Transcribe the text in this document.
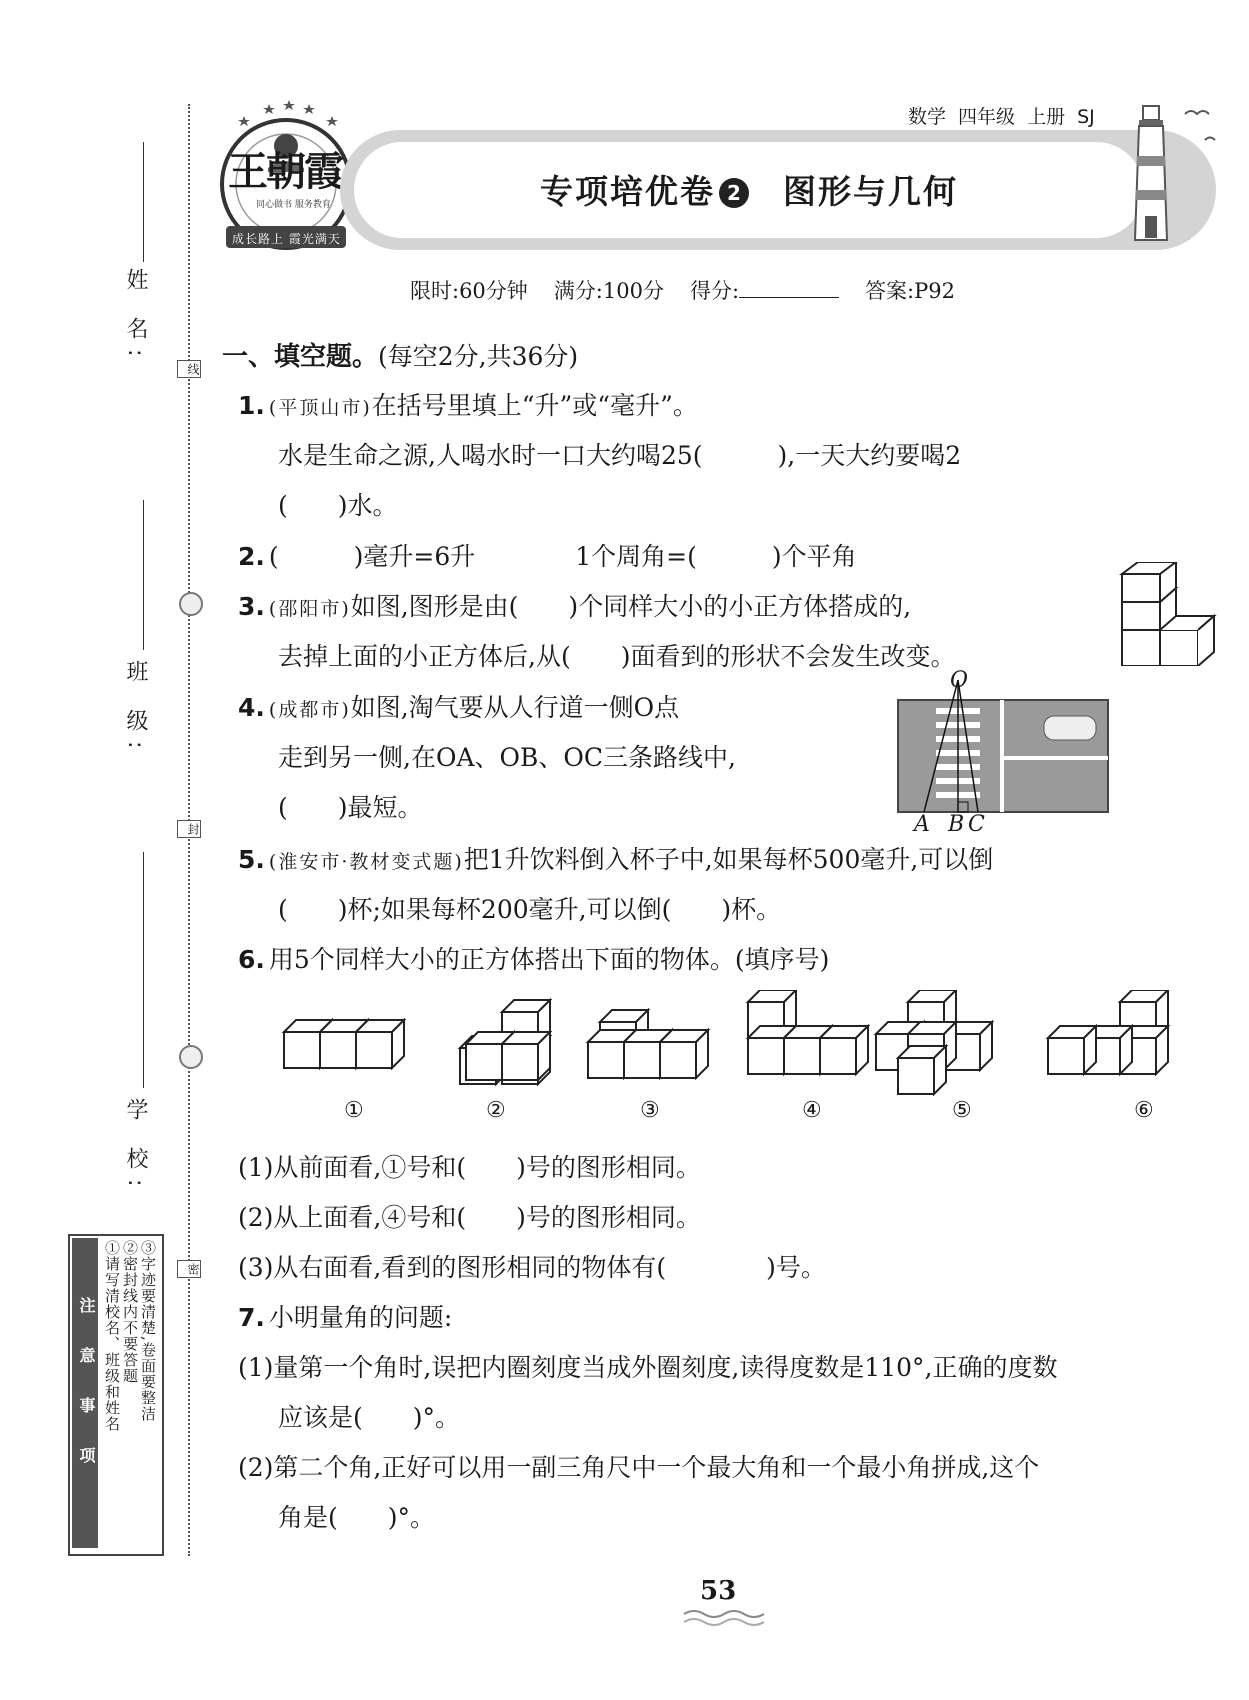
姓 名:
班 级:
学 校:
线
封
密
注意事项 ①请写清校名、班级和姓名 ②密封线内不要答题 ③字迹要清楚,卷面要整洁
王朝霞
同心做书 服务教育
成长路上 霞光满天
数学 四年级 上册 SJ
专项培优卷 2 图形与几何
限时:60分钟 满分:100分 得分:	答案:P92
一、填空题。(每空2分,共36分)
1. (平顶山市)在括号里填上“升”或“毫升”。
水是生命之源,人喝水时一口大约喝25(　　　),一天大约要喝2
(　　)水。
2. (　　　)毫升=6升　　　　1个周角=(　　　)个平角
3. (邵阳市)如图,图形是由(　　)个同样大小的小正方体搭成的,
去掉上面的小正方体后,从(　　)面看到的形状不会发生改变。
4. (成都市)如图,淘气要从人行道一侧O点
走到另一侧,在OA、OB、OC三条路线中,
(　　)最短。
O
A B C
5. (淮安市·教材变式题)把1升饮料倒入杯子中,如果每杯500毫升,可以倒
(　　)杯;如果每杯200毫升,可以倒(　　)杯。
6. 用5个同样大小的正方体搭出下面的物体。(填序号)
①	②	③	④	⑤	⑥
(1)从前面看,①号和(　　)号的图形相同。
(2)从上面看,④号和(　　)号的图形相同。
(3)从右面看,看到的图形相同的物体有(　　　　)号。
7. 小明量角的问题:
(1)量第一个角时,误把内圈刻度当成外圈刻度,读得度数是110°,正确的度数
应该是(　　)°。
(2)第二个角,正好可以用一副三角尺中一个最大角和一个最小角拼成,这个
角是(　　)°。
53
